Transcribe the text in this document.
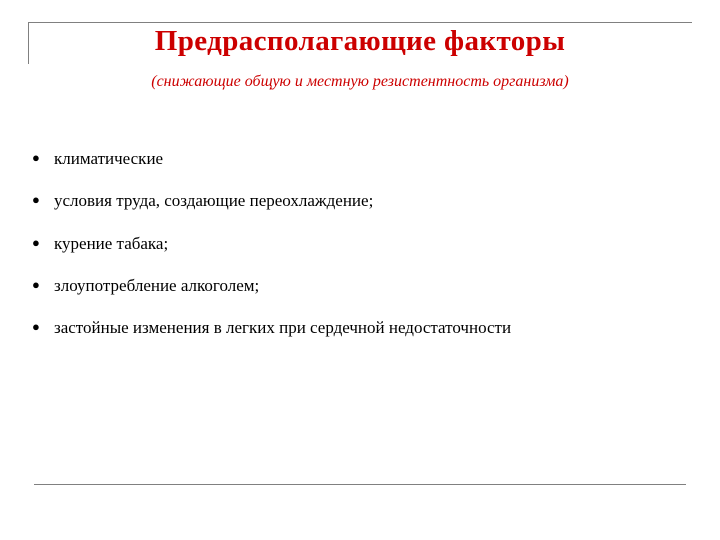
Предрасполагающие факторы
(снижающие общую и местную резистентность организма)
● климатические
● условия труда, создающие переохлаждение;
● курение табака;
● злоупотребление алкоголем;
● застойные изменения в легких при сердечной недостаточности
